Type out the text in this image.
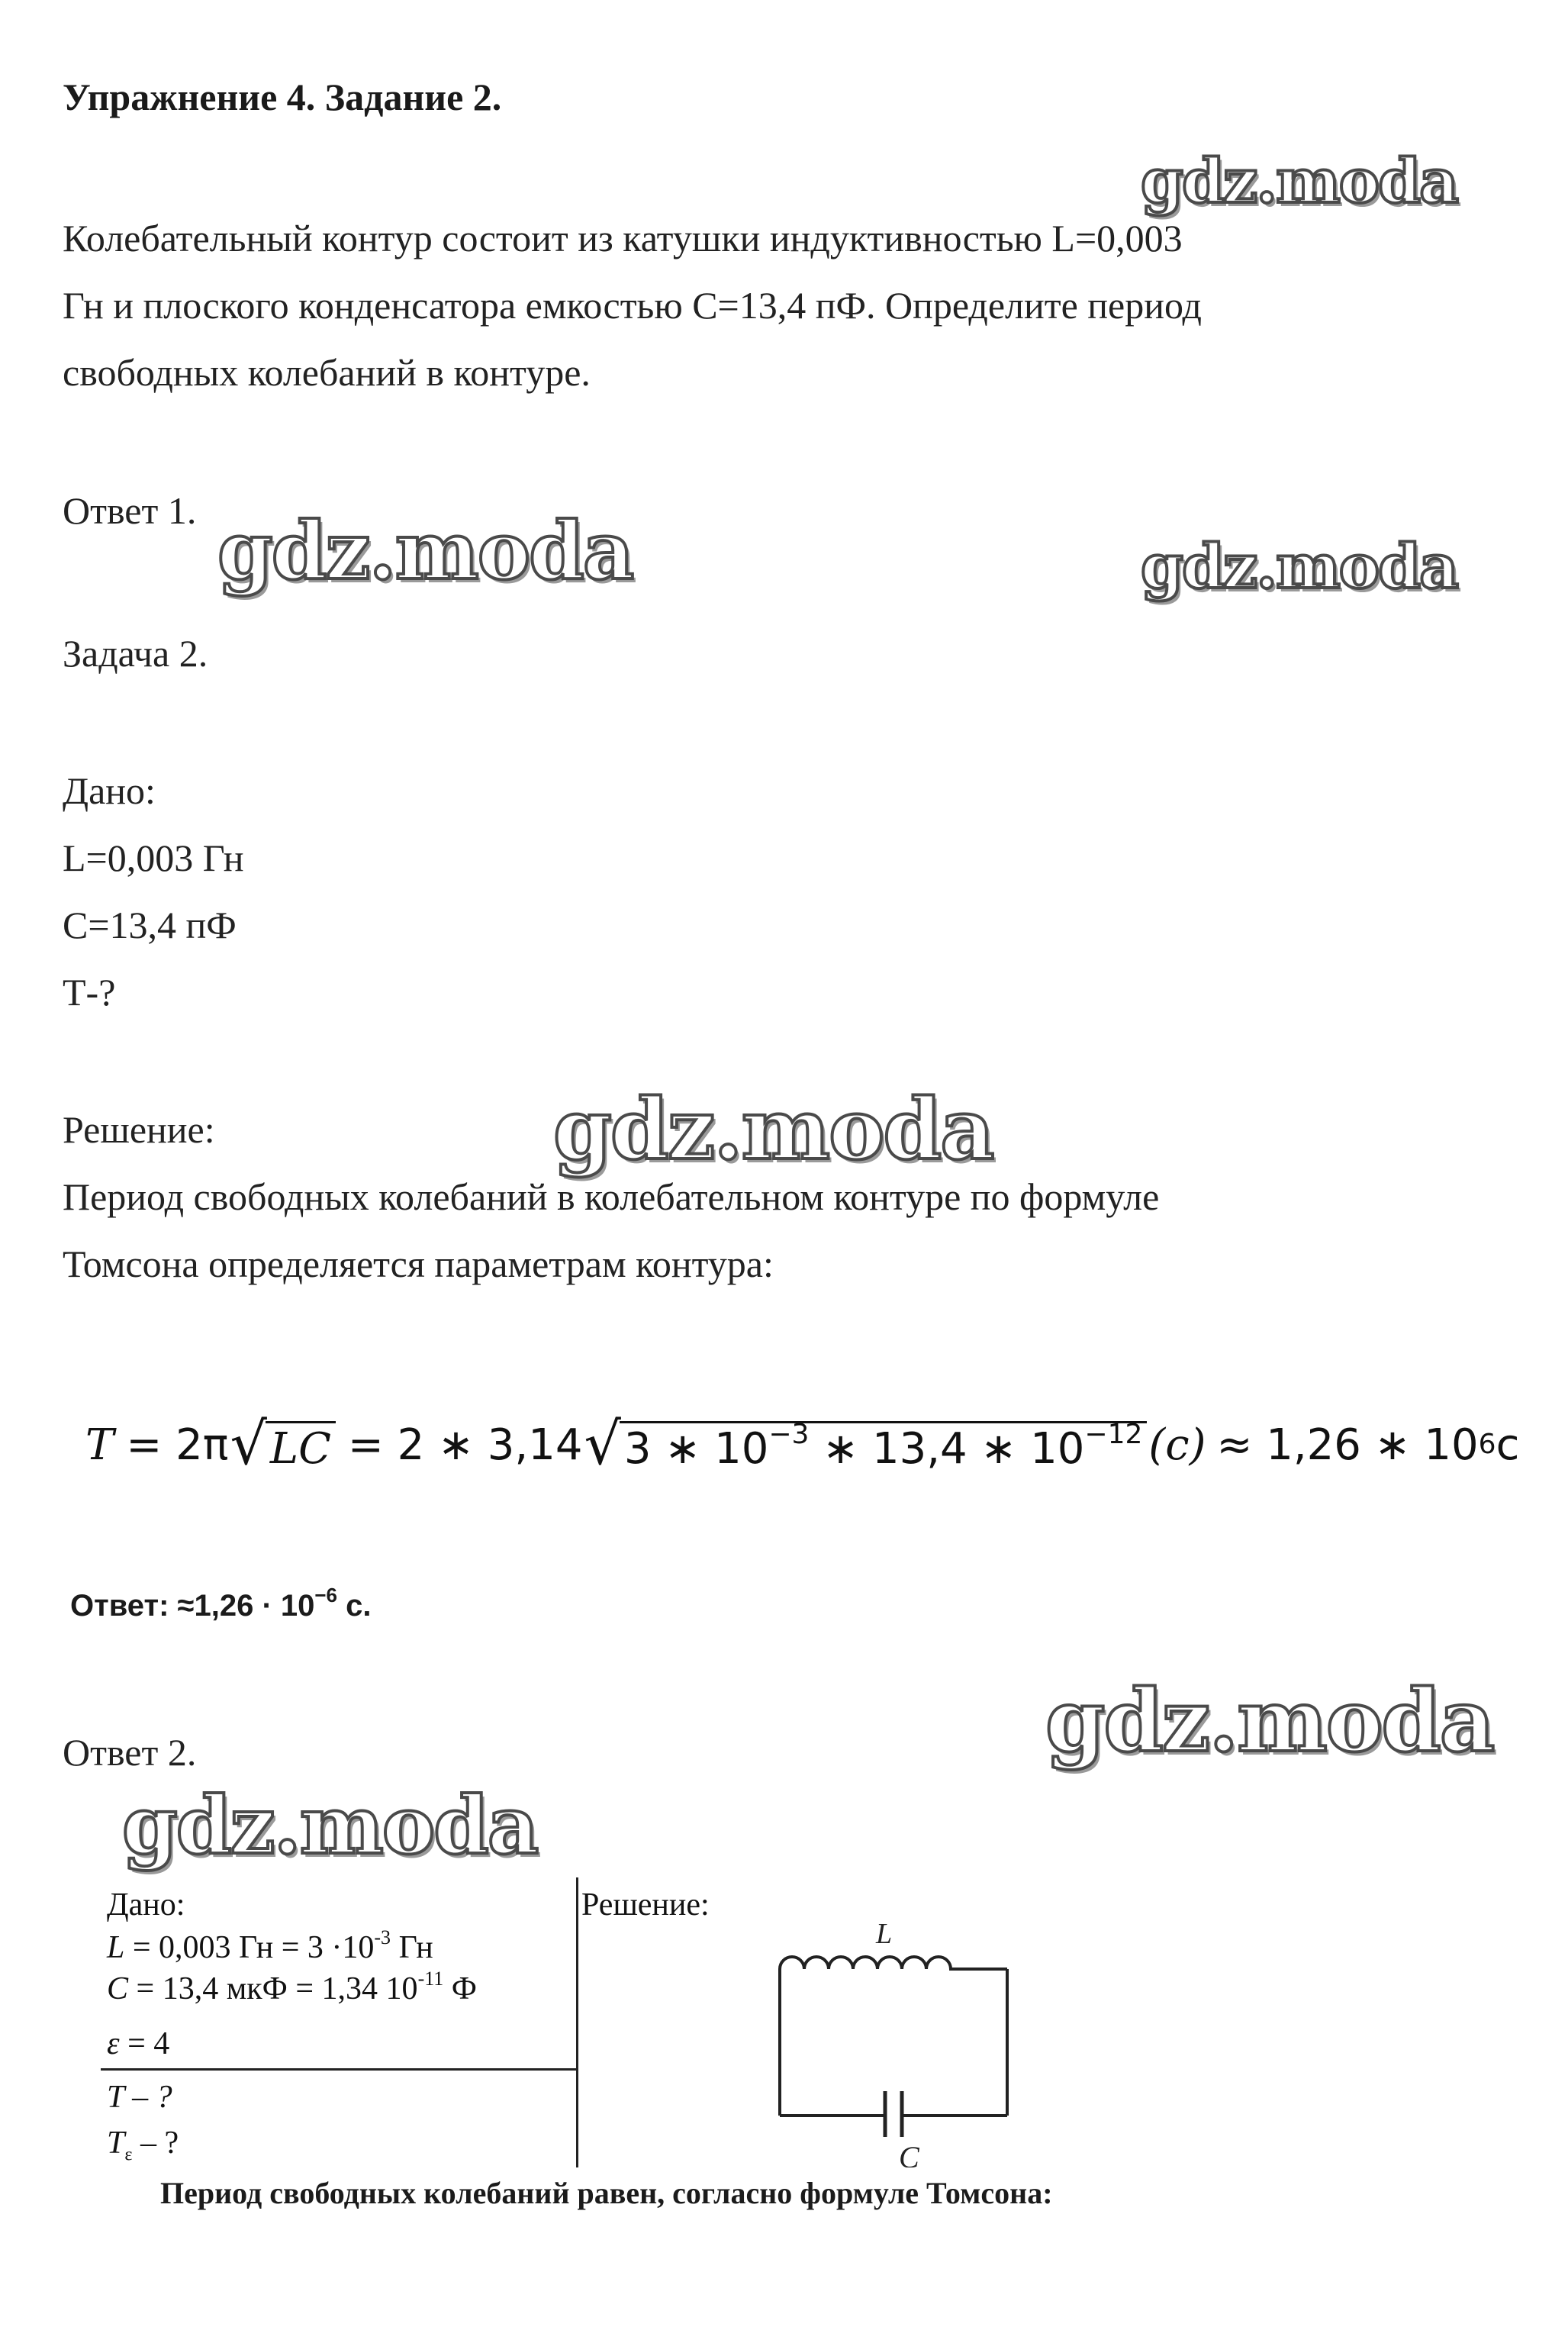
Упражнение 4. Задание 2.
gdz.moda
gdz.moda	gdz.moda
gdz.moda
gdz.moda
gdz.moda
Колебательный контур состоит из катушки индуктивностью L=0,003
Гн и плоского конденсатора емкостью С=13,4 пФ. Определите период
свободных колебаний в контуре.
Ответ 1.
Задача 2.
Дано:
L=0,003 Гн
С=13,4 пФ
Т-?
Решение:
Период свободных колебаний в колебательном контуре по формуле
Томсона определяется параметрам контура:
T = 2π √ LC = 2 ∗ 3,14 √ 3 ∗ $10^{-3}$ ∗ 13,4 ∗ $10^{-12}$ (c) ≈ 1,26 ∗ 10 6 c
Ответ: $\approx 1,26 \cdot 10^{-6}$ с.
Ответ 2.
Дано:
L = 0,003 Гн = $3 \cdot 10^{-3}$ Гн
C = 13,4 мкФ = 1,34 $10^{-11}$ Ф
ε = 4
T – ?
$T_\varepsilon$ – ?
Решение:
L
C
Период свободных колебаний равен, согласно формуле Томсона:
